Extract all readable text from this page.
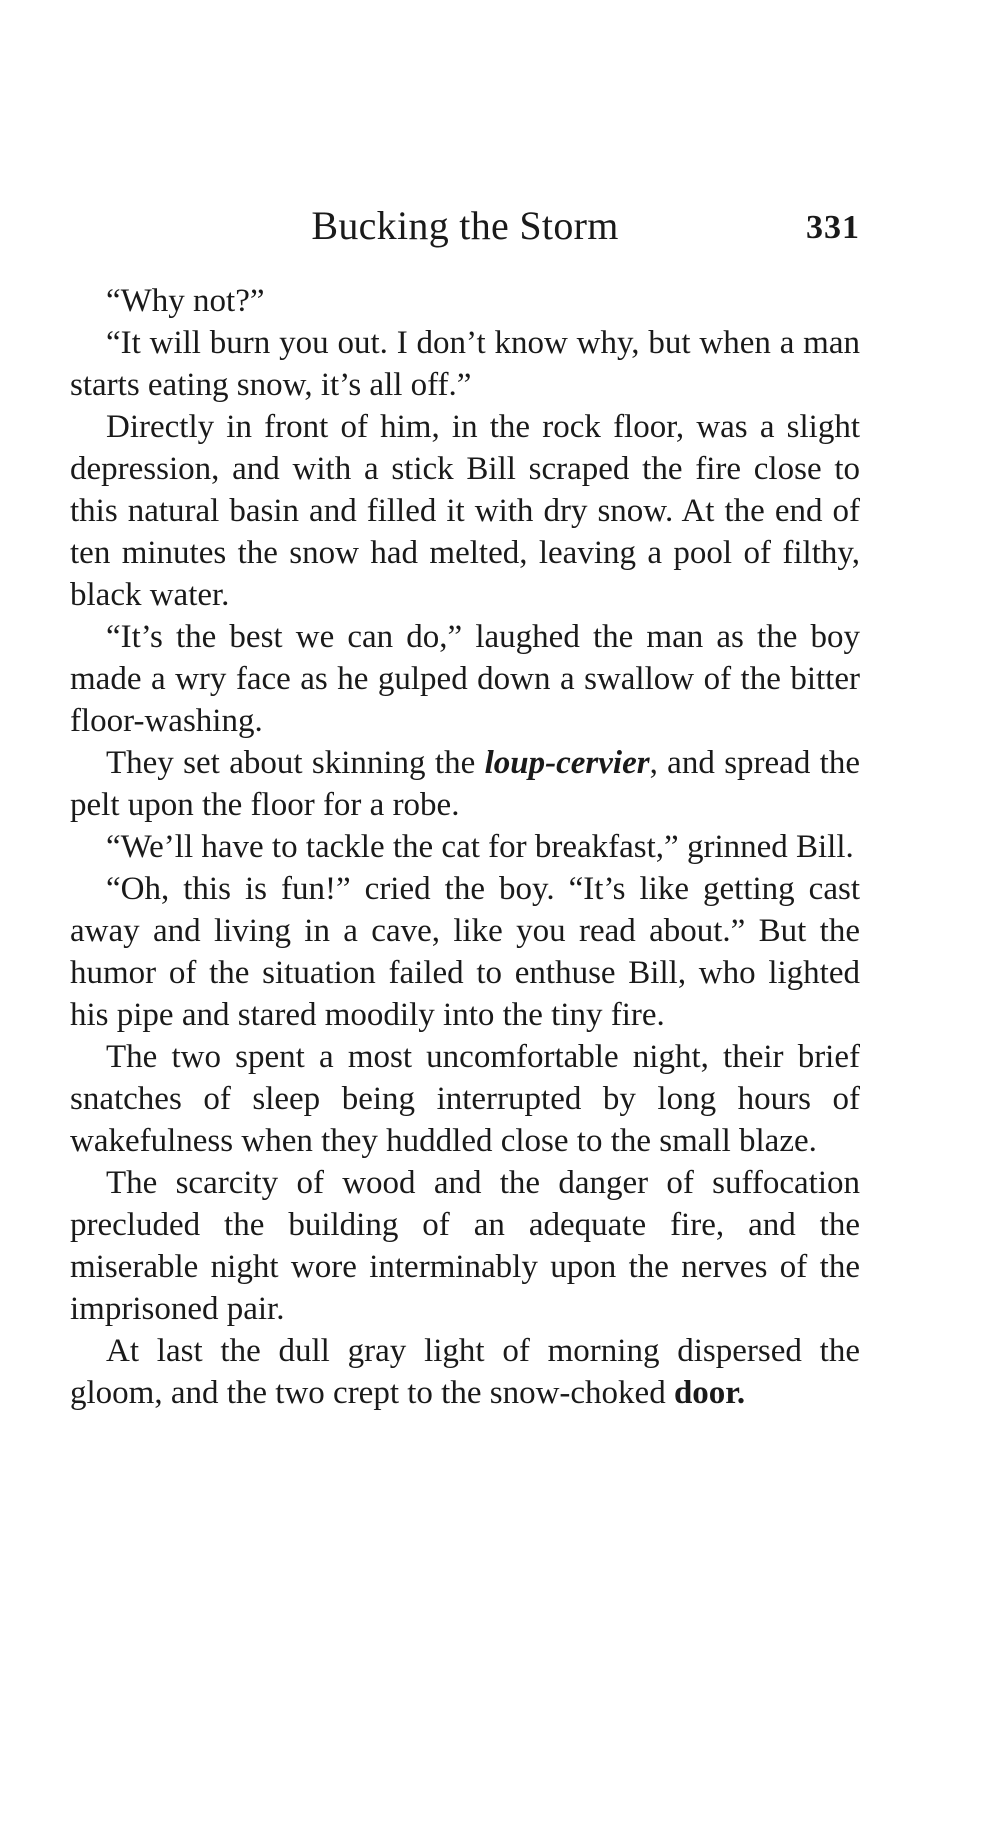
Bucking the Storm	331

“Why not?”

“It will burn you out. I don’t know why, but when a man starts eating snow, it’s all off.”

Directly in front of him, in the rock floor, was a slight depression, and with a stick Bill scraped the fire close to this natural basin and filled it with dry snow. At the end of ten minutes the snow had melted, leaving a pool of filthy, black water.

“It’s the best we can do,” laughed the man as the boy made a wry face as he gulped down a swallow of the bitter floor-washing.

They set about skinning the loup-cervier, and spread the pelt upon the floor for a robe.

“We’ll have to tackle the cat for breakfast,” grinned Bill.

“Oh, this is fun!” cried the boy. “It’s like getting cast away and living in a cave, like you read about.” But the humor of the situation failed to enthuse Bill, who lighted his pipe and stared moodily into the tiny fire.

The two spent a most uncomfortable night, their brief snatches of sleep being interrupted by long hours of wakefulness when they huddled close to the small blaze.

The scarcity of wood and the danger of suffocation precluded the building of an adequate fire, and the miserable night wore interminably upon the nerves of the imprisoned pair.

At last the dull gray light of morning dispersed the gloom, and the two crept to the snow-choked door.
